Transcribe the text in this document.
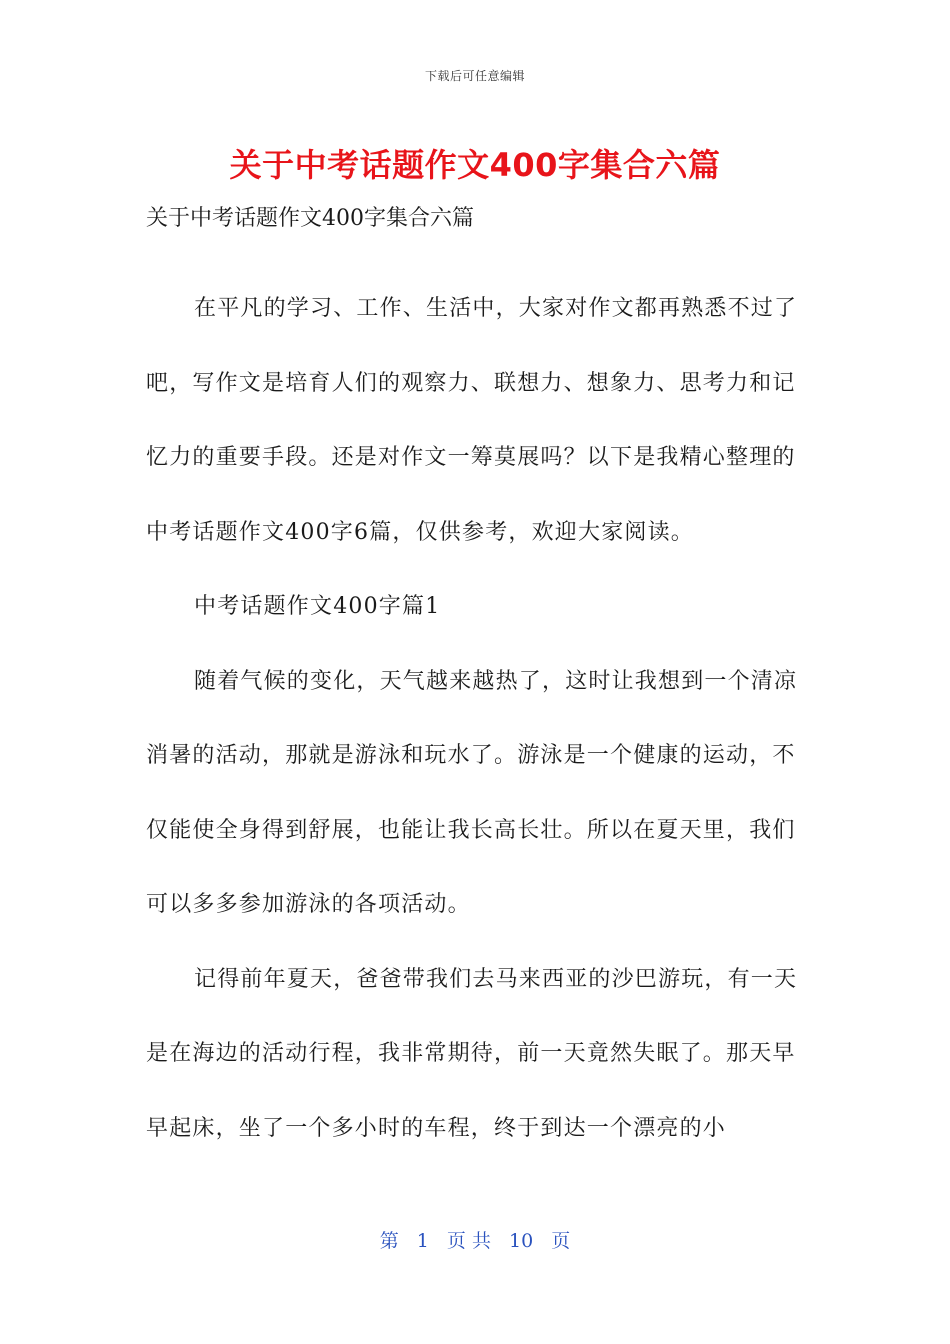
下载后可任意编辑
关于中考话题作文400字集合六篇

关于中考话题作文400字集合六篇

在平凡的学习、工作、生活中，大家对作文都再熟悉不过了吧，写作文是培育人们的观察力、联想力、想象力、思考力和记忆力的重要手段。还是对作文一筹莫展吗？以下是我精心整理的中考话题作文400字6篇，仅供参考，欢迎大家阅读。

中考话题作文400字篇1

随着气候的变化，天气越来越热了，这时让我想到一个清凉消暑的活动，那就是游泳和玩水了。游泳是一个健康的运动，不仅能使全身得到舒展，也能让我长高长壮。所以在夏天里，我们可以多多参加游泳的各项活动。

记得前年夏天，爸爸带我们去马来西亚的沙巴游玩，有一天是在海边的活动行程，我非常期待，前一天竟然失眠了。那天早早起床，坐了一个多小时的车程，终于到达一个漂亮的小

第 1 页 共 10 页
